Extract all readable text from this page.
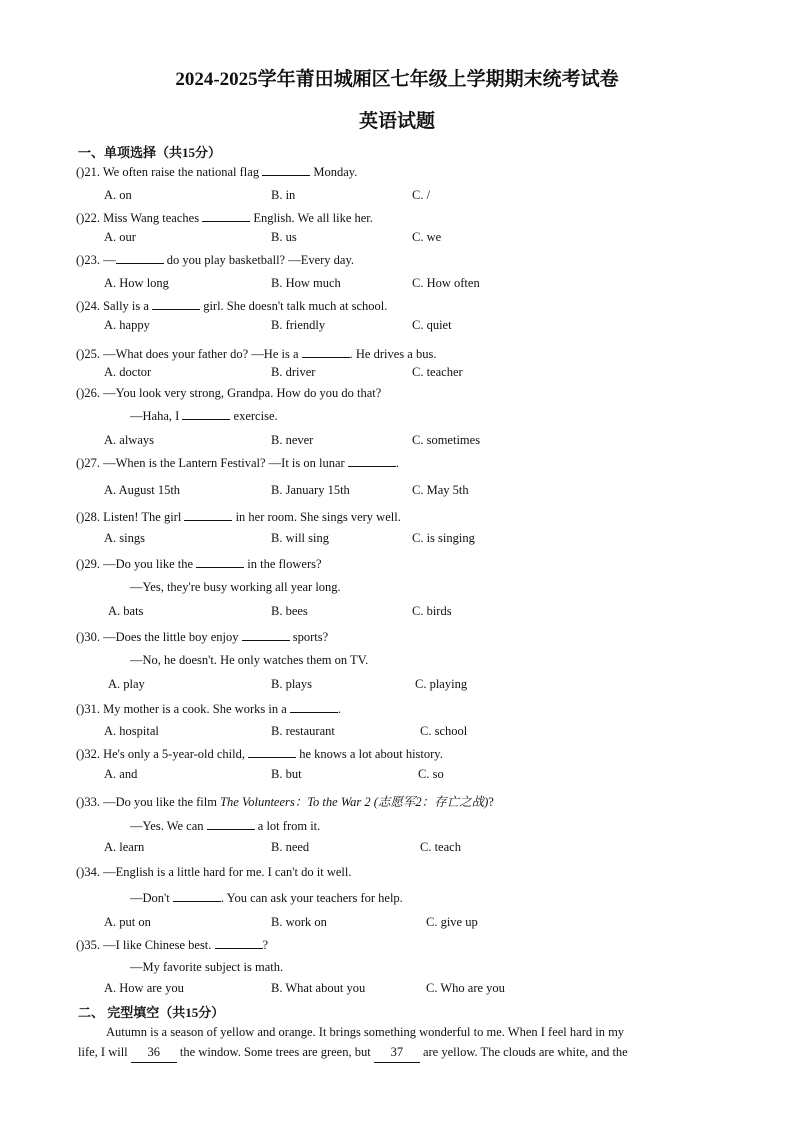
2024-2025学年莆田城厢区七年级上学期期末统考试卷
英语试题
一、单项选择（共15分）
()21. We often raise the national flag	Monday.
A. on	B. in	C. /
()22. Miss Wang teaches	English. We all like her.
A. our	B. us	C. we
()23. —	do you play basketball? —Every day.
A. How long	B. How much	C. How often
()24. Sally is a	girl. She doesn't talk much at school.
A. happy	B. friendly	C. quiet
()25. —What does your father do? —He is a	. He drives a bus.
A. doctor	B. driver	C. teacher
()26. —You look very strong, Grandpa. How do you do that?
—Haha, I	exercise.
A. always	B. never	C. sometimes
()27. —When is the Lantern Festival? —It is on lunar	.
A. August 15th	B. January 15th	C. May 5th
()28. Listen! The girl	in her room. She sings very well.
A. sings	B. will sing	C. is singing
()29. —Do you like the	in the flowers?
—Yes, they're busy working all year long.
A. bats	B. bees	C. birds
()30. —Does the little boy enjoy	sports?
—No, he doesn't. He only watches them on TV.
A. play	B. plays	C. playing
()31. My mother is a cook. She works in a	.
A. hospital	B. restaurant	C. school
()32. He's only a 5-year-old child,	he knows a lot about history.
A. and	B. but	C. so
()33. —Do you like the film The Volunteers：To the War 2 (志愿军2：存亡之战)?
—Yes. We can	a lot from it.
A. learn	B. need	C. teach
()34. —English is a little hard for me. I can't do it well.
—Don't	. You can ask your teachers for help.
A. put on	B. work on	C. give up
()35. —I like Chinese best.	?
—My favorite subject is math.
A. How are you	B. What about you	C. Who are you
二、 完型填空（共15分）
Autumn is a season of yellow and orange. It brings something wonderful to me. When I feel hard in my
life, I will 36 the window. Some trees are green, but 37 are yellow. The clouds are white, and the
